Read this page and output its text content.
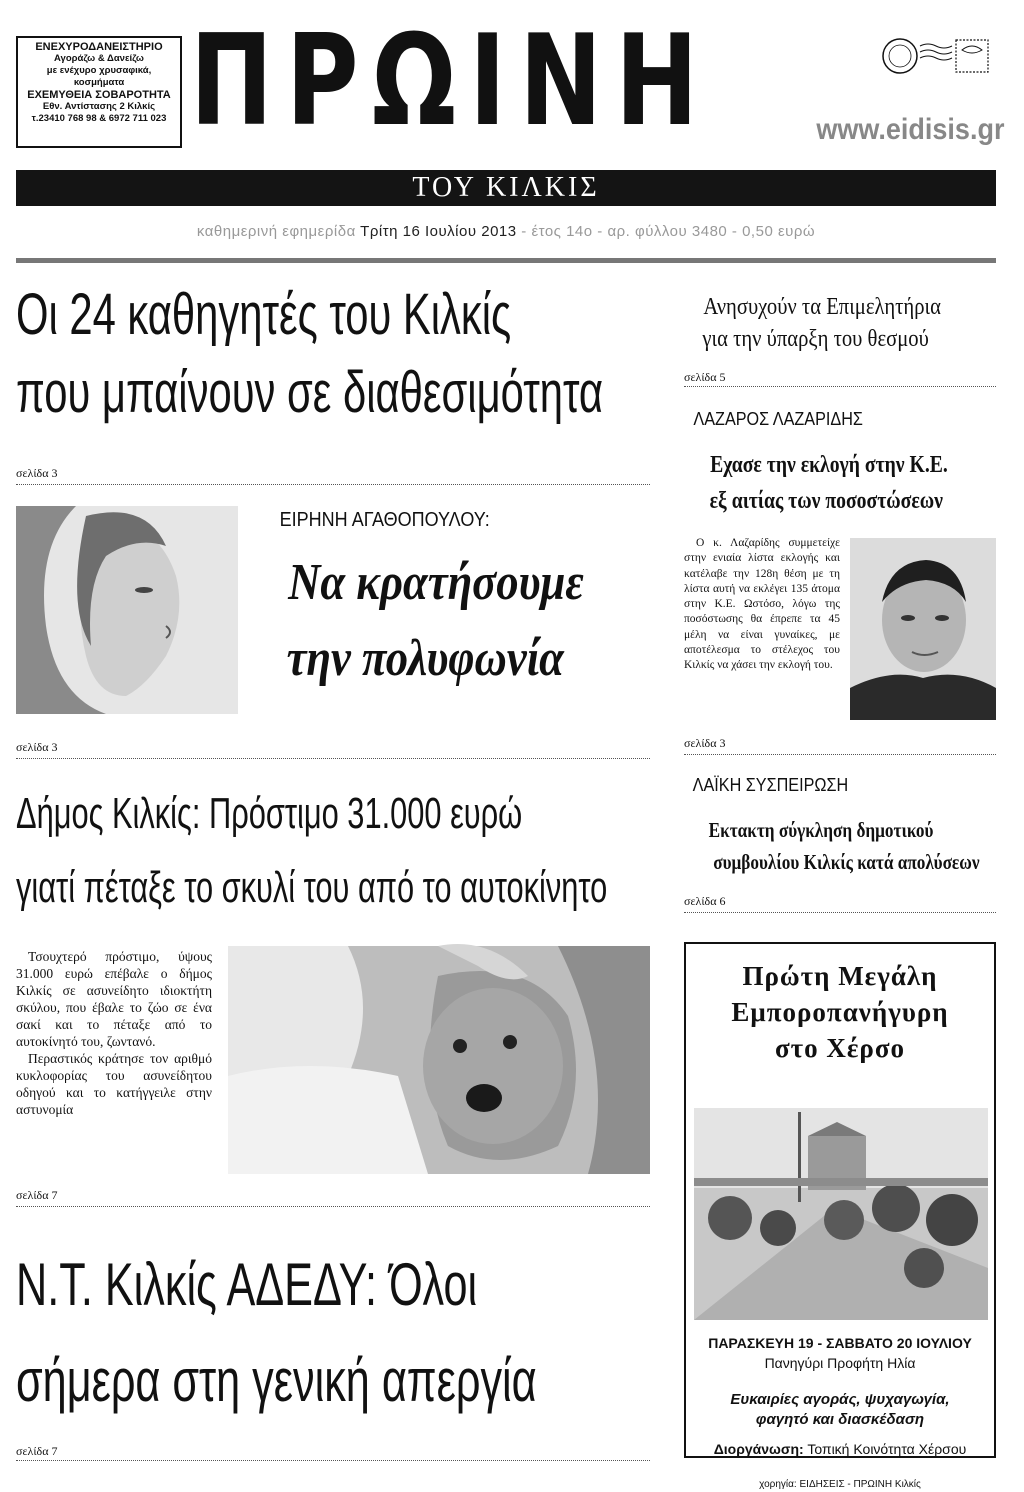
ΕΝΕΧΥΡΟΔΑΝΕΙΣΤΗΡΙΟ
Αγοράζω & Δανείζω
με ενέχυρο χρυσαφικά,
κοσμήματα
ΕΧΕΜΥΘΕΙΑ ΣΟΒΑΡΟΤΗΤΑ
Εθν. Αντίστασης 2 Κιλκίς
τ.23410 768 98 & 6972 711 023 ΠΡΩΙΝΗ	www.eidisis.gr
ΤΟΥ ΚΙΛΚΙΣ
καθημερινή εφημερίδα Τρίτη 16 Ιουλίου 2013 - έτος 14ο - αρ. φύλλου 3480 - 0,50 ευρώ
Οι 24 καθηγητές του Κιλκίς
που μπαίνουν σε διαθεσιμότητα
σελίδα 3
ΕΙΡΗΝΗ ΑΓΑΘΟΠΟΥΛΟΥ:
Να κρατήσουμε
την πολυφωνία
σελίδα 3
Δήμος Κιλκίς: Πρόστιμο 31.000 ευρώ
γιατί πέταξε το σκυλί του από το αυτοκίνητο

Τσουχτερό πρόστιμο, ύψους 31.000 ευρώ επέβαλε ο δήμος Κιλκίς σε ασυνείδητο ιδιοκτήτη σκύλου, που έβαλε το ζώο σε ένα σακί και το πέταξε από το αυτοκίνητό του, ζωντανό.

Περαστικός κράτησε τον αριθμό κυκλοφορίας του ασυνείδητου οδηγού και το κατήγγειλε στην αστυνομία

σελίδα 7
Ν.Τ. Κιλκίς ΑΔΕΔΥ: Όλοι
σήμερα στη γενική απεργία
σελίδα 7
Ανησυχούν τα Επιμελητήρια
για την ύπαρξη του θεσμού
σελίδα 5
ΛΑΖΑΡΟΣ ΛΑΖΑΡΙΔΗΣ
Εχασε την εκλογή στην Κ.Ε.
εξ αιτίας των ποσοστώσεων

Ο κ. Λαζαρίδης συμμετείχε στην ενιαία λίστα εκλογής και κατέλαβε την 128η θέση με τη λίστα αυτή να εκλέγει 135 άτομα στην Κ.Ε. Ωστόσο, λόγω της ποσόστωσης θα έπρεπε τα 45 μέλη να είναι γυναίκες, με αποτέλεσμα το στέλεχος του Κιλκίς να χάσει την εκλογή του.

σελίδα 3
ΛΑΪΚΗ ΣΥΣΠΕΙΡΩΣΗ
Εκτακτη σύγκληση δημοτικού
συμβουλίου Κιλκίς κατά απολύσεων
σελίδα 6
Πρώτη Μεγάλη
Εμποροπανήγυρη
στο Χέρσο
ΠΑΡΑΣΚΕΥΗ 19 - ΣΑΒΒΑΤΟ 20 ΙΟΥΛΙΟΥ
Πανηγύρι Προφήτη Ηλία
Ευκαιρίες αγοράς, ψυχαγωγία,
φαγητό και διασκέδαση
Διοργάνωση: Τοπική Κοινότητα Χέρσου
χορηγία: ΕΙΔΗΣΕΙΣ - ΠΡΩΙΝΗ Κιλκίς
